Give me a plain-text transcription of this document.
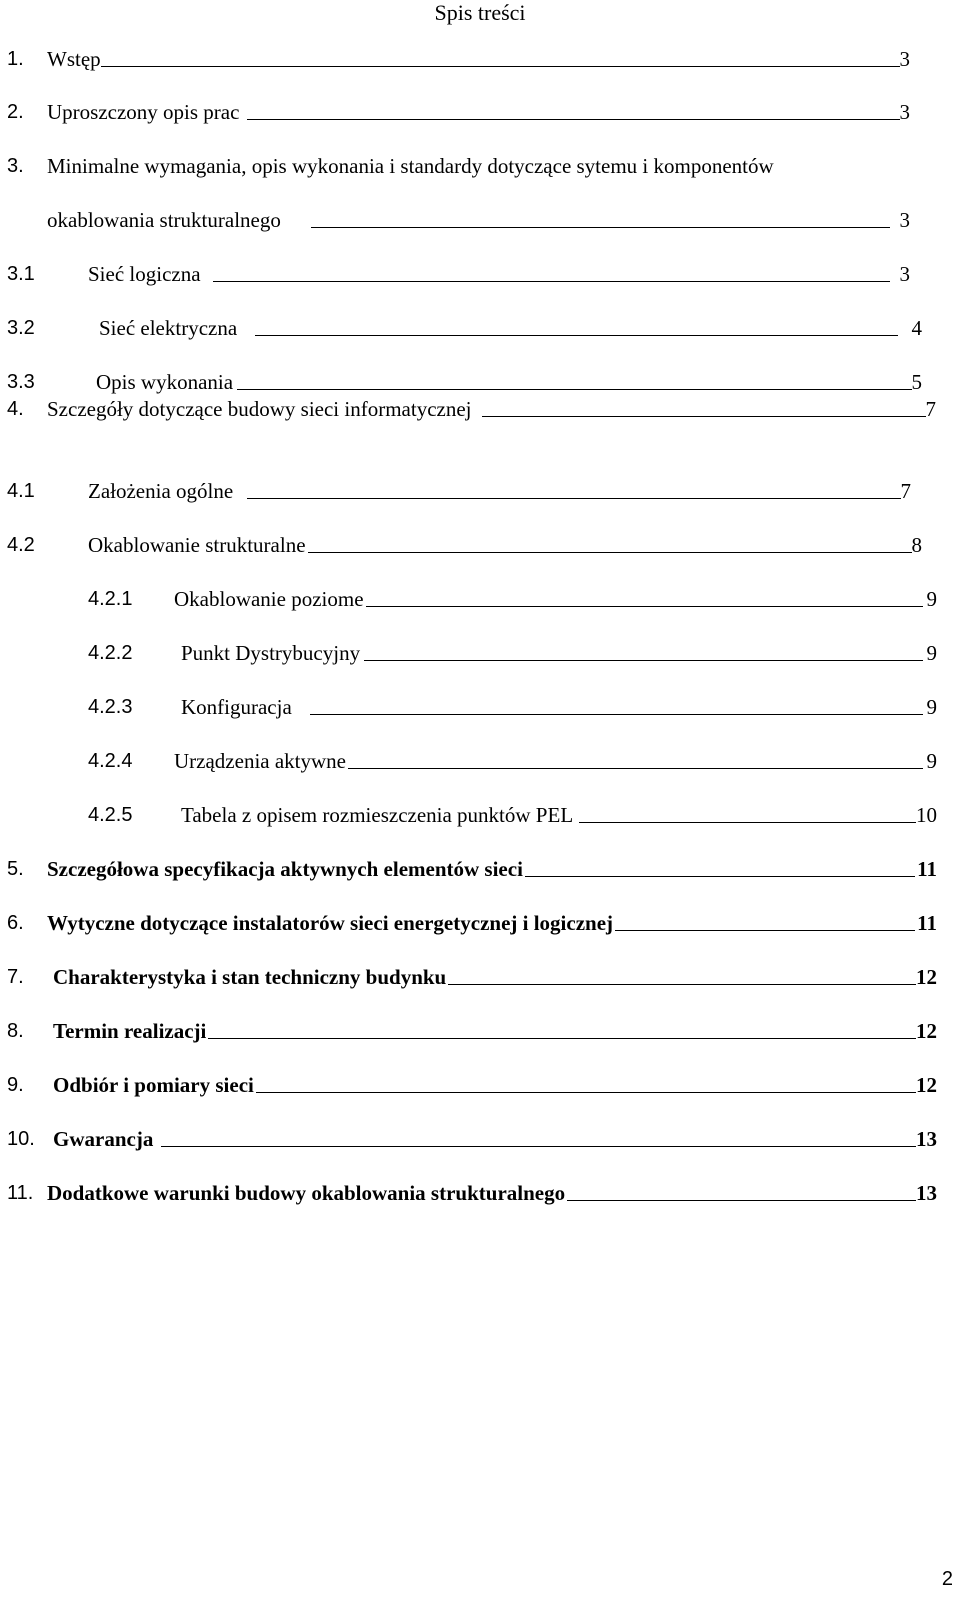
Spis treści
1.	Wstęp	3
2.	Uproszczony opis prac	3
3.	Minimalne wymagania, opis wykonania i standardy dotyczące sytemu i komponentów
okablowania strukturalnego	3
3.1	Sieć logiczna	3
3.2	Sieć elektryczna	4
3.3	Opis wykonania	5
4.	Szczegóły dotyczące budowy sieci informatycznej	7
4.1	Założenia ogólne	7
4.2	Okablowanie strukturalne	8
4.2.1	Okablowanie poziome	9
4.2.2	Punkt Dystrybucyjny	9
4.2.3	Konfiguracja	9
4.2.4	Urządzenia aktywne	9
4.2.5	Tabela z opisem rozmieszczenia punktów PEL	10
5.	Szczegółowa specyfikacja aktywnych elementów sieci	11
6.	Wytyczne dotyczące instalatorów sieci energetycznej i logicznej	11
7.	Charakterystyka i stan techniczny budynku	12
8.	Termin realizacji	12
9.	Odbiór i pomiary sieci	12
10. Gwarancja	13
11. Dodatkowe warunki budowy okablowania strukturalnego	13
2
